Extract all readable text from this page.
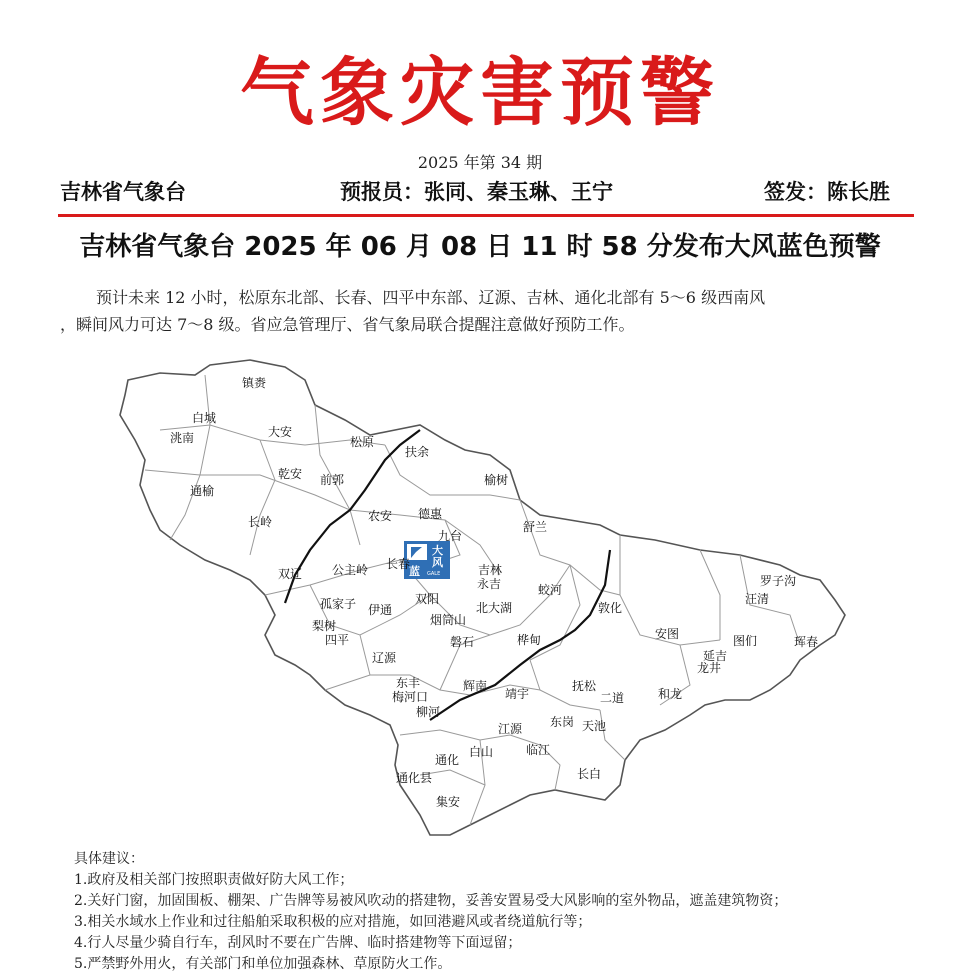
气象灾害预警
2025 年第 34 期
吉林省气象台	预报员：张同、秦玉琳、王宁	签发：陈长胜
吉林省气象台 2025 年 06 月 08 日 11 时 58 分发布大风蓝色预警
预计未来 12 小时，松原东北部、长春、四平中东部、辽源、吉林、通化北部有 5～6 级西南风
，瞬间风力可达 7～8 级。省应急管理厅、省气象局联合提醒注意做好预防工作。
大
风
蓝 GALE
镇赉
白城
洮南	大安
松原
乾安 前郭
扶余
榆树
通榆
长岭	农安 德惠
九台
舒兰
长春	吉林
永吉
双辽 公主岭
蛟河
敦化
罗子沟
汪清
珲春
孤家子 伊通
双阳
北大湖
梨树
四平
烟筒山
磐石	桦甸	安图	图们
延吉
龙井
辽源
东丰
梅河口
柳河
辉南
靖宇
抚松
二道	和龙
江源 东岗 天池
通化
白山	临江
通化县	长白
集安
具体建议：
1.政府及相关部门按照职责做好防大风工作；
2.关好门窗，加固围板、棚架、广告牌等易被风吹动的搭建物，妥善安置易受大风影响的室外物品，遮盖建筑物资；
3.相关水域水上作业和过往船舶采取积极的应对措施，如回港避风或者绕道航行等；
4.行人尽量少骑自行车，刮风时不要在广告牌、临时搭建物等下面逗留；
5.严禁野外用火，有关部门和单位加强森林、草原防火工作。
